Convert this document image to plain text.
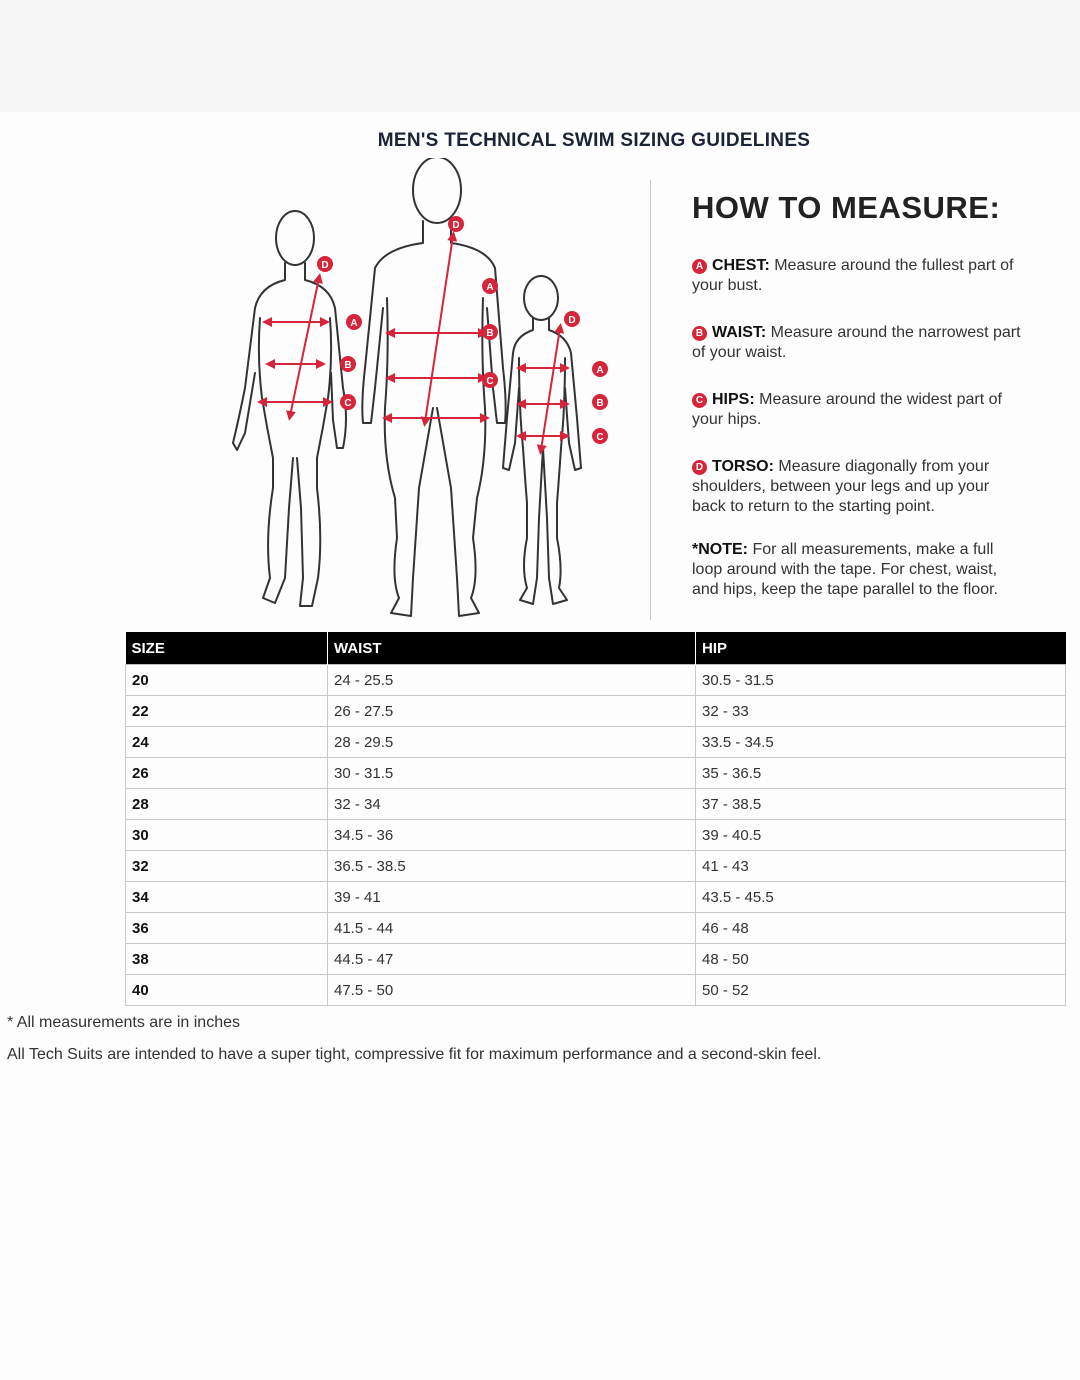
MEN'S TECHNICAL SWIM SIZING GUIDELINES
D
A
B
C
D
A
B
C
D
A
B
C
HOW TO MEASURE:
A CHEST: Measure around the fullest part of your bust.
B WAIST: Measure around the narrowest part of your waist.
C HIPS: Measure around the widest part of your hips.
D TORSO: Measure diagonally from your shoulders, between your legs and up your back to return to the starting point.
*NOTE: For all measurements, make a full loop around with the tape. For chest, waist, and hips, keep the tape parallel to the floor.
SIZE	WAIST	HIP
20	24 - 25.5	30.5 - 31.5
22	26 - 27.5	32 - 33
24	28 - 29.5	33.5 - 34.5
26	30 - 31.5	35 - 36.5
28	32 - 34	37 - 38.5
30	34.5 - 36	39 - 40.5
32	36.5 - 38.5	41 - 43
34	39 - 41	43.5 - 45.5
36	41.5 - 44	46 - 48
38	44.5 - 47	48 - 50
40	47.5 - 50	50 - 52
* All measurements are in inches
All Tech Suits are intended to have a super tight, compressive fit for maximum performance and a second-skin feel.
